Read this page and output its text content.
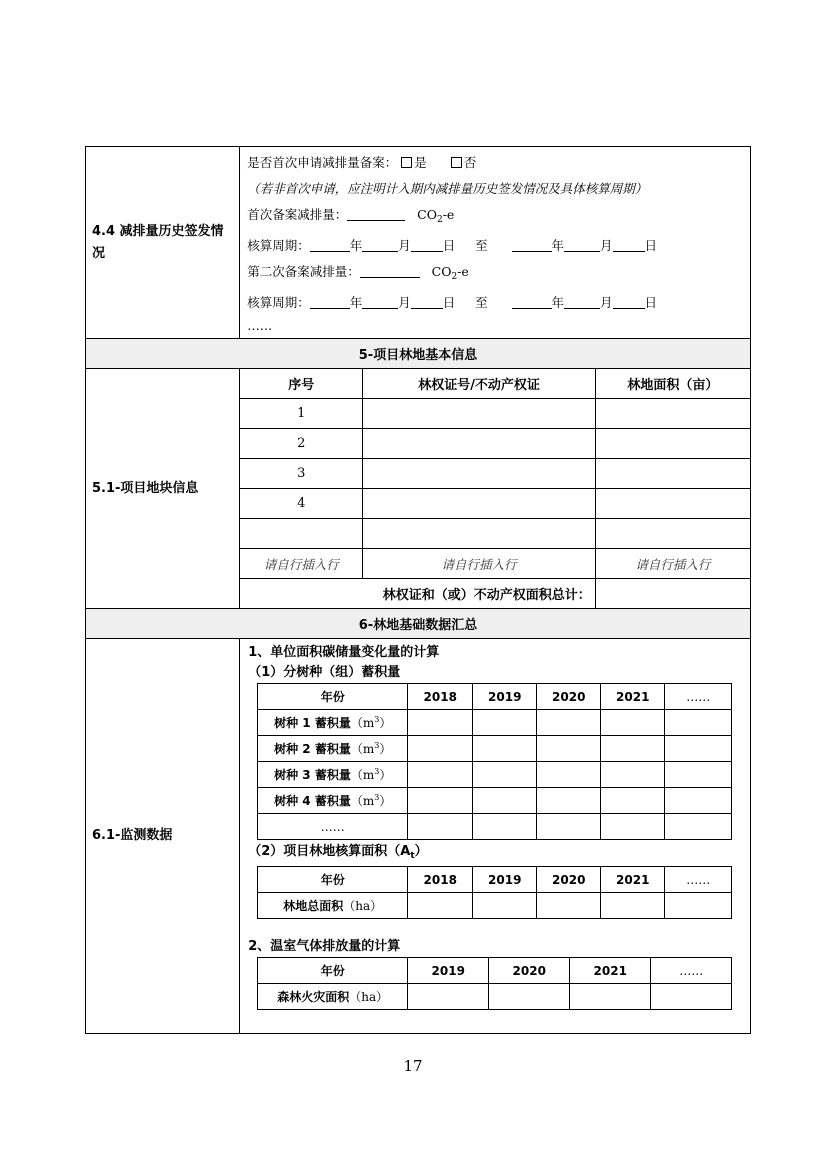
4.4 减排量历史签发情况	
是否首次申请减排量备案： 是	否
（若非首次申请，应注明计入期内减排量历史签发情况及具体核算周期）
首次备案减排量：	$CO_2-e$
核算周期：	年	月	日 至	年	月	日
第二次备案减排量：	$CO_2-e$
核算周期：	年	月	日 至	年	月	日
……

5-项目林地基本信息
5.1-项目地块信息	序号	林权证号/不动产权证	林地面积（亩）
1		
2		
3		
4		

请自行插入行	请自行插入行	请自行插入行
林权证和（或）不动产权面积总计：	
6-林地基础数据汇总
6.1-监测数据	
1、单位面积碳储量变化量的计算
（1）分树种（组）蓄积量
年份	2018	2019	2020	2021	……
树种 1 蓄积量$(m^3)$					
树种 2 蓄积量$(m^3)$					
树种 3 蓄积量$(m^3)$					
树种 4 蓄积量$(m^3)$					
……					
（2）项目林地核算面积$(A_t)$
年份	2018	2019	2020	2021	……
林地总面积（ha）					
2、温室气体排放量的计算
年份	2019	2020	2021	……
森林火灾面积（ha）				
17
